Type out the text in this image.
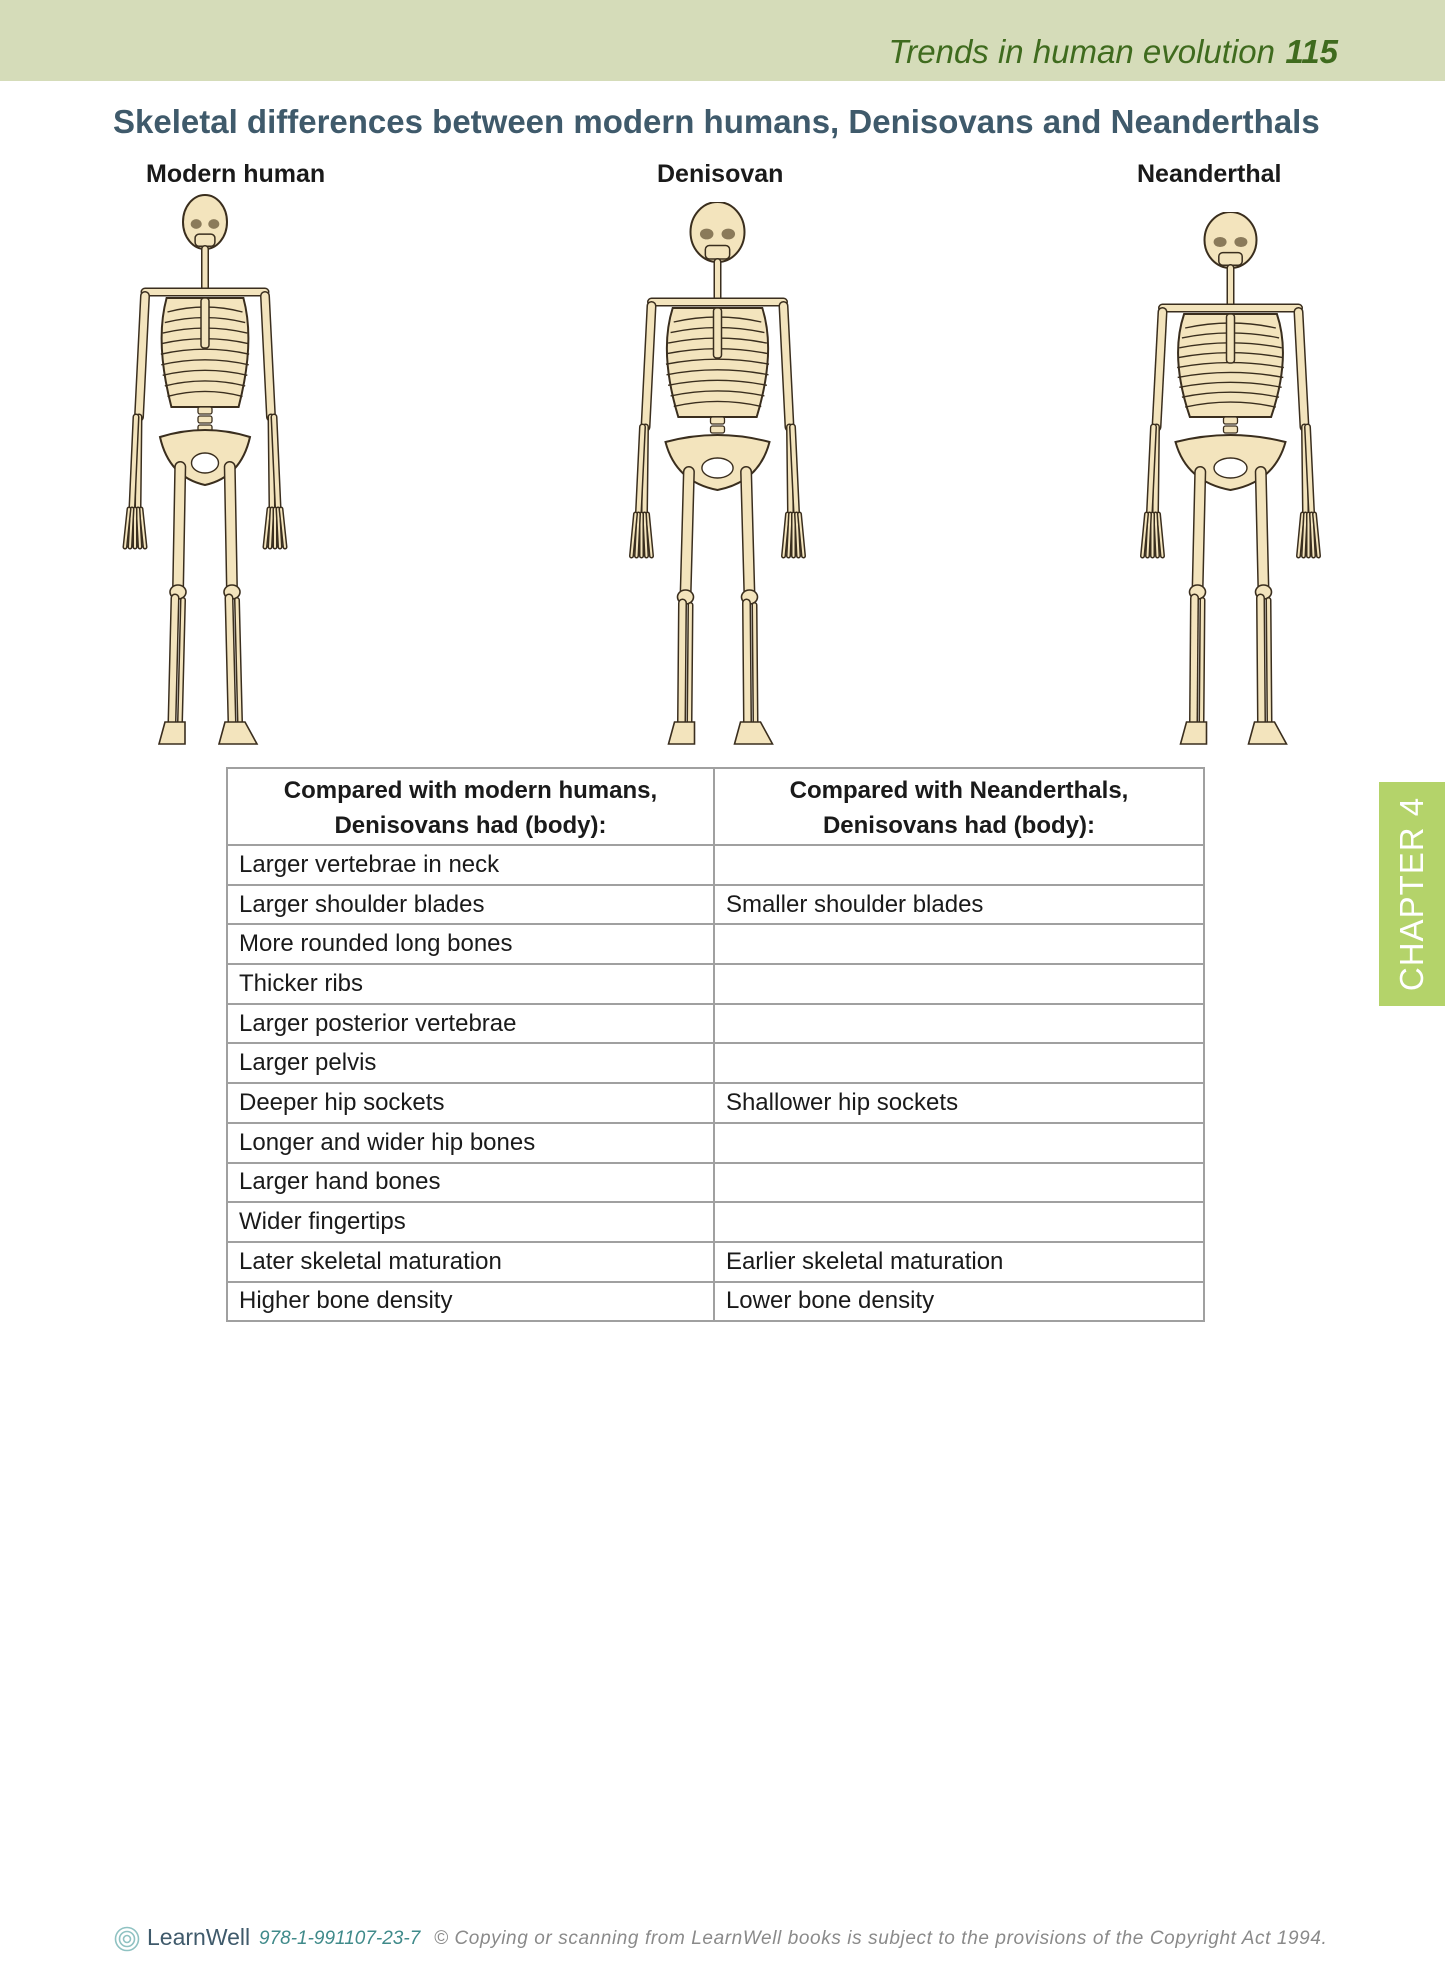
Trends in human evolution 115
Skeletal differences between modern humans, Denisovans and Neanderthals
Modern human	Denisovan	Neanderthal
CHAPTER 4
Compared with modern humans, Denisovans had (body):	Compared with Neanderthals, Denisovans had (body):
Larger vertebrae in neck	
Larger shoulder blades	Smaller shoulder blades
More rounded long bones	
Thicker ribs	
Larger posterior vertebrae	
Larger pelvis	
Deeper hip sockets	Shallower hip sockets
Longer and wider hip bones	
Larger hand bones	
Wider fingertips	
Later skeletal maturation	Earlier skeletal maturation
Higher bone density	Lower bone density
LearnWell 978-1-991107-23-7 © Copying or scanning from LearnWell books is subject to the provisions of the Copyright Act 1994.
